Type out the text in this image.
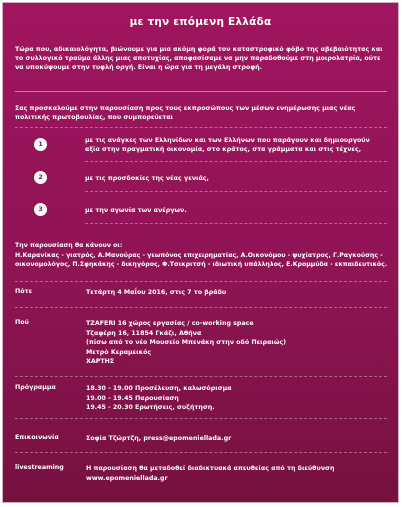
με την επόμενη Ελλάδα
Τώρα που, αδικαιολόγητα, βιώνουμε για μια ακόμη φορά τον καταστροφικό φόβο της αβεβαιότητας και το συλλογικό τραύμα άλλης μιας αποτυχίας, αποφασίσαμε να μην παραδοθούμε στη μοιρολατρία, ούτε να υποκύψουμε στην τυφλή οργή. Είναι η ώρα για τη μεγάλη στροφή.
Σας προσκαλούμε στην παρουσίαση προς τους εκπροσώπους των μέσων ενημέρωσης μιας νέας πολιτικής πρωτοβουλίας, που συμπορεύεται
1	με τις ανάγκες των Ελληνίδων και των Ελλήνων που παράγουν και δημιουργούν αξία στην πραγματική οικονομία, στο κράτος, στα γράμματα και στις τέχνες,
2	με τις προσδοκίες της νέας γενιάς,
3	με την αγωνία των ανέργων.
Την παρουσίαση θα κάνουν οι:
Η.Καρανίκας - γιατρός, Α.Μανούρας - γεωπόνος επιχειρηματίας, Α.Οικονόμου - ψυχίατρος, Γ.Ραγκούσης - οικονομολόγος, Π.Σφηκάκης - δικηγόρος, Φ.Τσικριτσή - ιδιωτική υπάλληλος, Ε.Κρομμύδα - εκπαιδευτικός.
Πότε	Τετάρτη 4 Μαΐου 2016, στις 7 το βράδυ
Πού	TZAFERI 16 χώρος εργασίας / co-working space
Τζαφέρη 16, 11854 Γκάζι, Αθήνα
(πίσω από το νέο Μουσείο Μπενάκη στην οδό Πειραιώς)
Μετρό Κεραμεικός
ΧΑΡΤΗΣ
Πρόγραμμα	18.30 - 19.00 Προσέλευση, καλωσόρισμα
19.00 - 19.45 Παρουσίαση
19.45 - 20.30 Ερωτήσεις, συζήτηση.
Επικοινωνία	Σοφία Τζώρτζη, press@epomeniellada.gr
livestreaming	Η παρουσίαση θα μεταδοθεί διαδικτυακά απευθείας από τη διεύθυνση
www.epomeniellada.gr
